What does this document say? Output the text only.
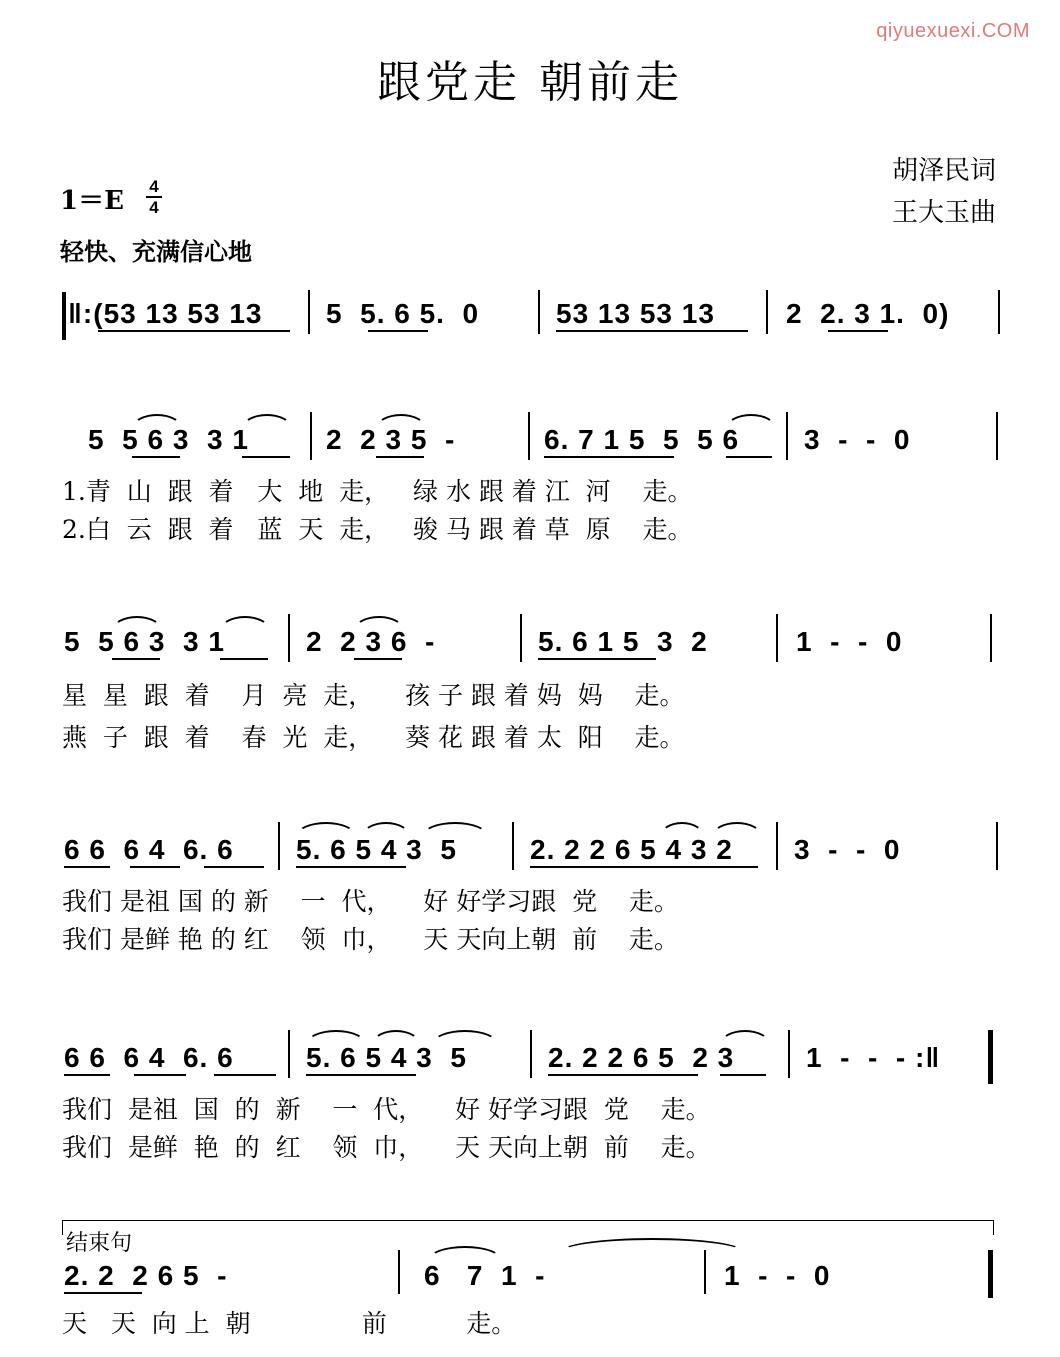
qiyuexuexi.COM
跟党走 朝前走
胡泽民词
王大玉曲
1＝E 4
4
轻快、充满信心地
‖:(53 13 53 13 5  5. 6 5.  0	53 13 53 13	2  2. 3 1.  0)
5  5 6 3  3 1	2  2 3 5  -	6. 7 1 5  5  5 6 3  -  -  0
1.青  山  跟  着   大  地  走，   绿 水 跟 着 江  河    走。
2.白  云  跟  着   蓝  天  走，   骏 马 跟 着 草  原    走。
5  5 6 3  3 1	2  2 3 6  -	5. 6 1 5  3  2	1  -  -  0
星  星  跟  着    月  亮  走，    孩 子 跟 着 妈  妈    走。
燕  子  跟  着    春  光  走，    葵 花 跟 着 太  阳    走。
6 6  6 4  6. 6 5. 6 5 4 3  5	2. 2 2 6 5 4 3 2 3  -  -  0
我们 是祖 国 的 新    一  代，    好 好学习跟  党    走。
我们 是鲜 艳 的 红    领  巾，    天 天向上朝  前    走。
6 6  6 4  6. 6	5. 6 5 4 3  5	2. 2 2 6 5  2 3	1  -  -  - :‖
我们  是祖  国  的  新    一  代，    好 好学习跟  党    走。
我们  是鲜  艳  的  红    领  巾，    天 天向上朝  前    走。
结束句
2. 2  2 6 5  -	6   7  1  -	1  -  -  0
天   天  向 上  朝              前          走。
